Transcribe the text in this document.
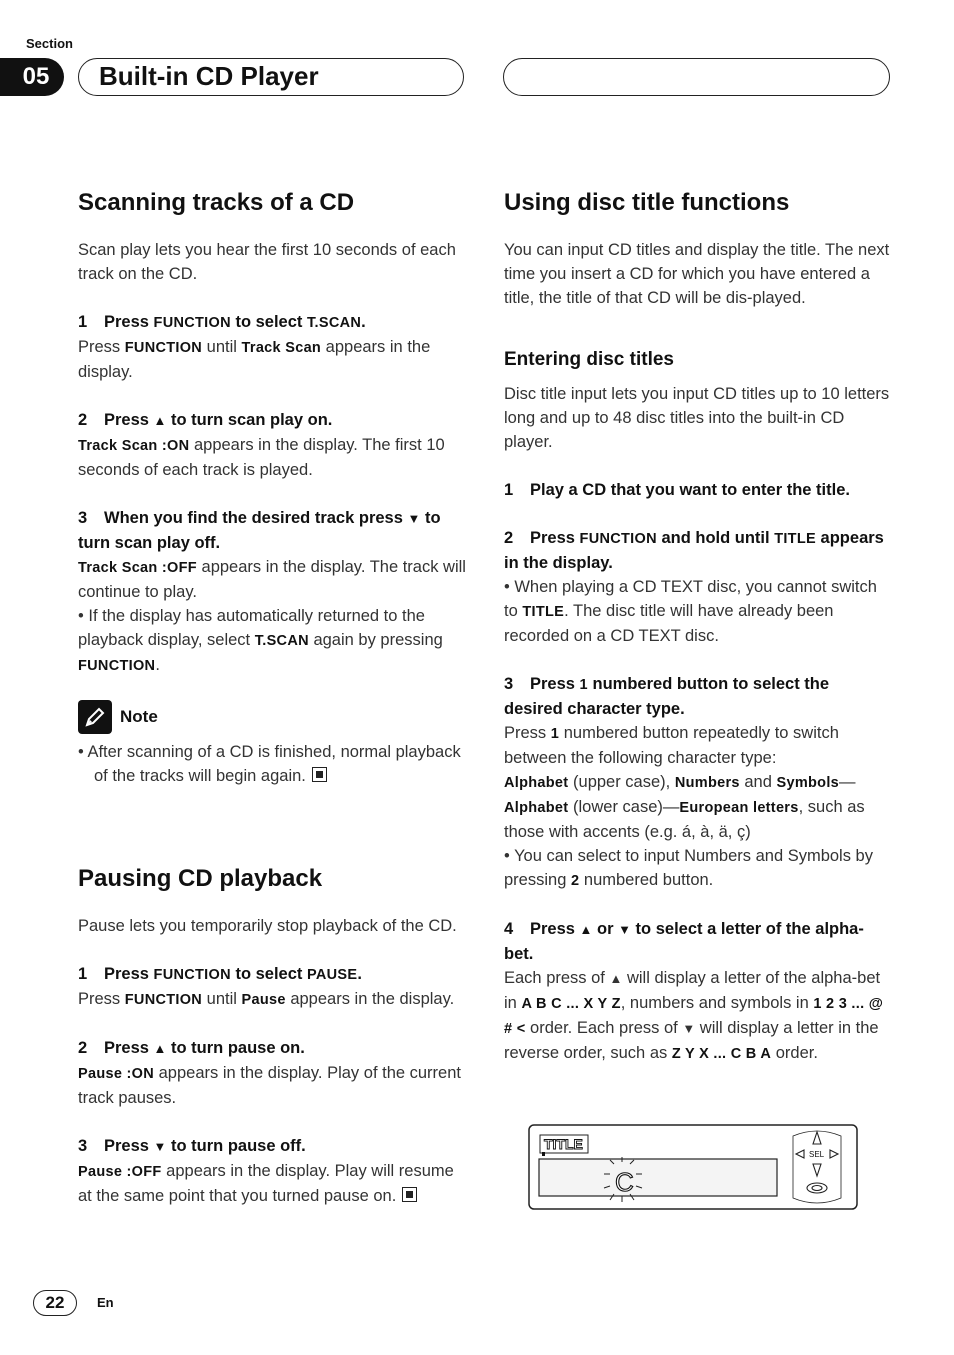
Section
05	Built-in CD Player
Scanning tracks of a CD

Scan play lets you hear the first 10 seconds of each track on the CD.

1 Press FUNCTION to select T.SCAN.

Press FUNCTION until Track Scan appears in the display.

2 Press ▲ to turn scan play on.

Track Scan :ON appears in the display. The first 10 seconds of each track is played.

3 When you find the desired track press ▼ to turn scan play off.

Track Scan :OFF appears in the display. The track will continue to play.

• If the display has automatically returned to the playback display, select T.SCAN again by pressing FUNCTION.

Note

• After scanning of a CD is finished, normal playback of the tracks will begin again.

Pausing CD playback

Pause lets you temporarily stop playback of the CD.

1 Press FUNCTION to select PAUSE.

Press FUNCTION until Pause appears in the display.

2 Press ▲ to turn pause on.

Pause :ON appears in the display. Play of the current track pauses.

3 Press ▼ to turn pause off.

Pause :OFF appears in the display. Play will resume at the same point that you turned pause on.

Using disc title functions

You can input CD titles and display the title. The next time you insert a CD for which you have entered a title, the title of that CD will be dis-played.

Entering disc titles

Disc title input lets you input CD titles up to 10 letters long and up to 48 disc titles into the built-in CD player.

1 Play a CD that you want to enter the title.

2 Press FUNCTION and hold until TITLE appears in the display.

• When playing a CD TEXT disc, you cannot switch to TITLE. The disc title will have already been recorded on a CD TEXT disc.

3 Press 1 numbered button to select the desired character type.

Press 1 numbered button repeatedly to switch between the following character type:
Alphabet (upper case), Numbers and Symbols—Alphabet (lower case)—European letters, such as those with accents (e.g. á, à, ä, ç)

• You can select to input Numbers and Symbols by pressing 2 numbered button.

4 Press ▲ or ▼ to select a letter of the alpha-bet.

Each press of ▲ will display a letter of the alpha-bet in A B C ... X Y Z, numbers and symbols in 1 2 3 ... @ # < order. Each press of ▼ will display a letter in the reverse order, such as Z Y X ... C B A order.

TITLE
C
SEL
22	En
